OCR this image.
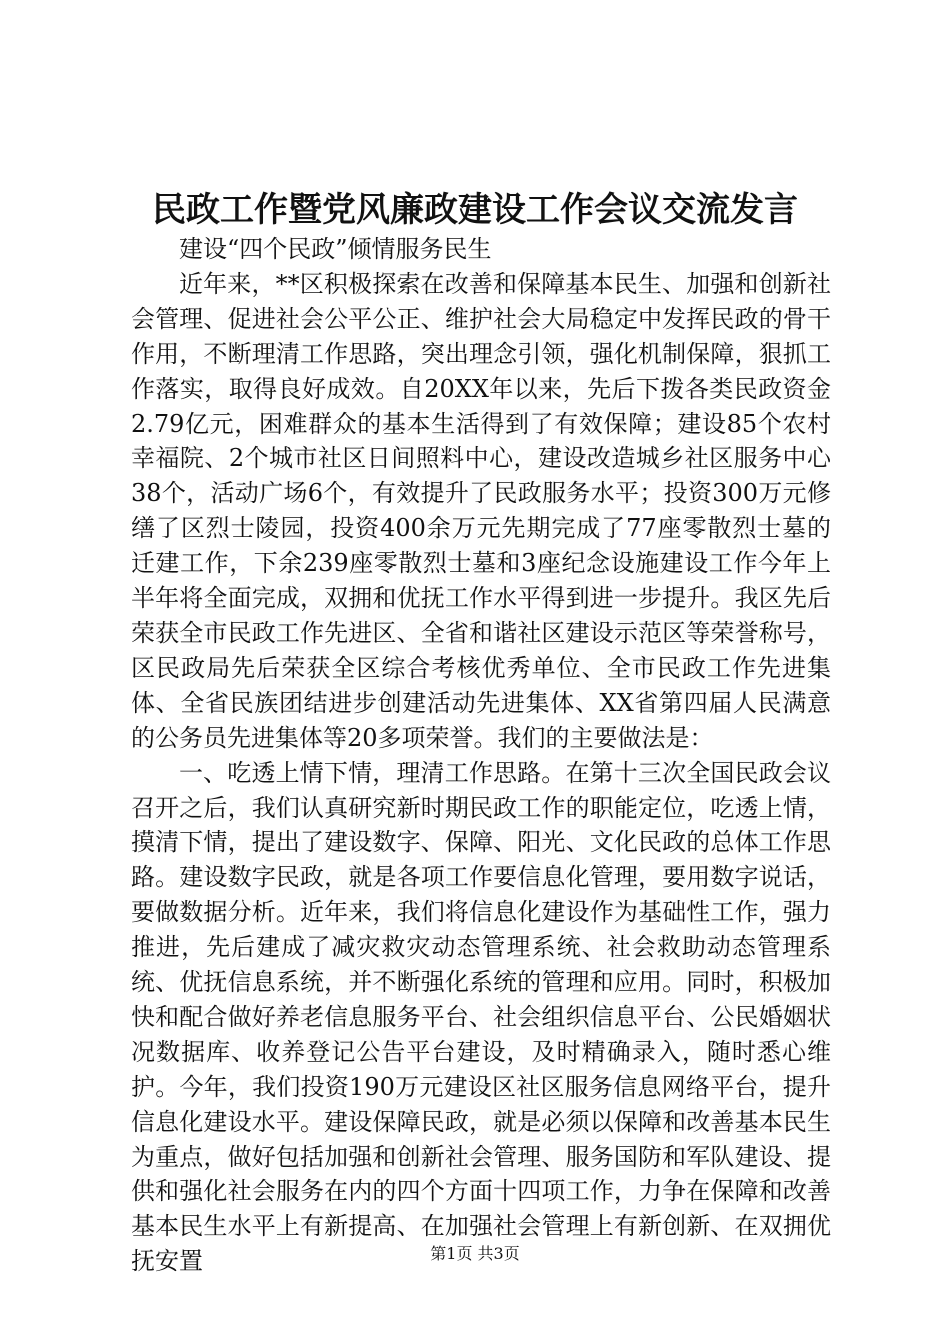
民政工作暨党风廉政建设工作会议交流发言

建设“四个民政”倾情服务民生

近年来，**区积极探索在改善和保障基本民生、加强和创新社会管理、促进社会公平公正、维护社会大局稳定中发挥民政的骨干作用，不断理清工作思路，突出理念引领，强化机制保障，狠抓工作落实，取得良好成效。自20XX年以来，先后下拨各类民政资金2.79亿元，困难群众的基本生活得到了有效保障；建设85个农村幸福院、2个城市社区日间照料中心，建设改造城乡社区服务中心38个，活动广场6个，有效提升了民政服务水平；投资300万元修缮了区烈士陵园，投资400余万元先期完成了77座零散烈士墓的迁建工作，下余239座零散烈士墓和3座纪念设施建设工作今年上半年将全面完成，双拥和优抚工作水平得到进一步提升。我区先后荣获全市民政工作先进区、全省和谐社区建设示范区等荣誉称号，区民政局先后荣获全区综合考核优秀单位、全市民政工作先进集体、全省民族团结进步创建活动先进集体、XX省第四届人民满意的公务员先进集体等20多项荣誉。我们的主要做法是：

一、吃透上情下情，理清工作思路。在第十三次全国民政会议召开之后，我们认真研究新时期民政工作的职能定位，吃透上情，摸清下情，提出了建设数字、保障、阳光、文化民政的总体工作思路。建设数字民政，就是各项工作要信息化管理，要用数字说话，要做数据分析。近年来，我们将信息化建设作为基础性工作，强力推进，先后建成了减灾救灾动态管理系统、社会救助动态管理系统、优抚信息系统，并不断强化系统的管理和应用。同时，积极加快和配合做好养老信息服务平台、社会组织信息平台、公民婚姻状况数据库、收养登记公告平台建设，及时精确录入，随时悉心维护。今年，我们投资190万元建设区社区服务信息网络平台，提升信息化建设水平。建设保障民政，就是必须以保障和改善基本民生为重点，做好包括加强和创新社会管理、服务国防和军队建设、提供和强化社会服务在内的四个方面十四项工作，力争在保障和改善基本民生水平上有新提高、在加强社会管理上有新创新、在双拥优抚安置	第1页 共3页
